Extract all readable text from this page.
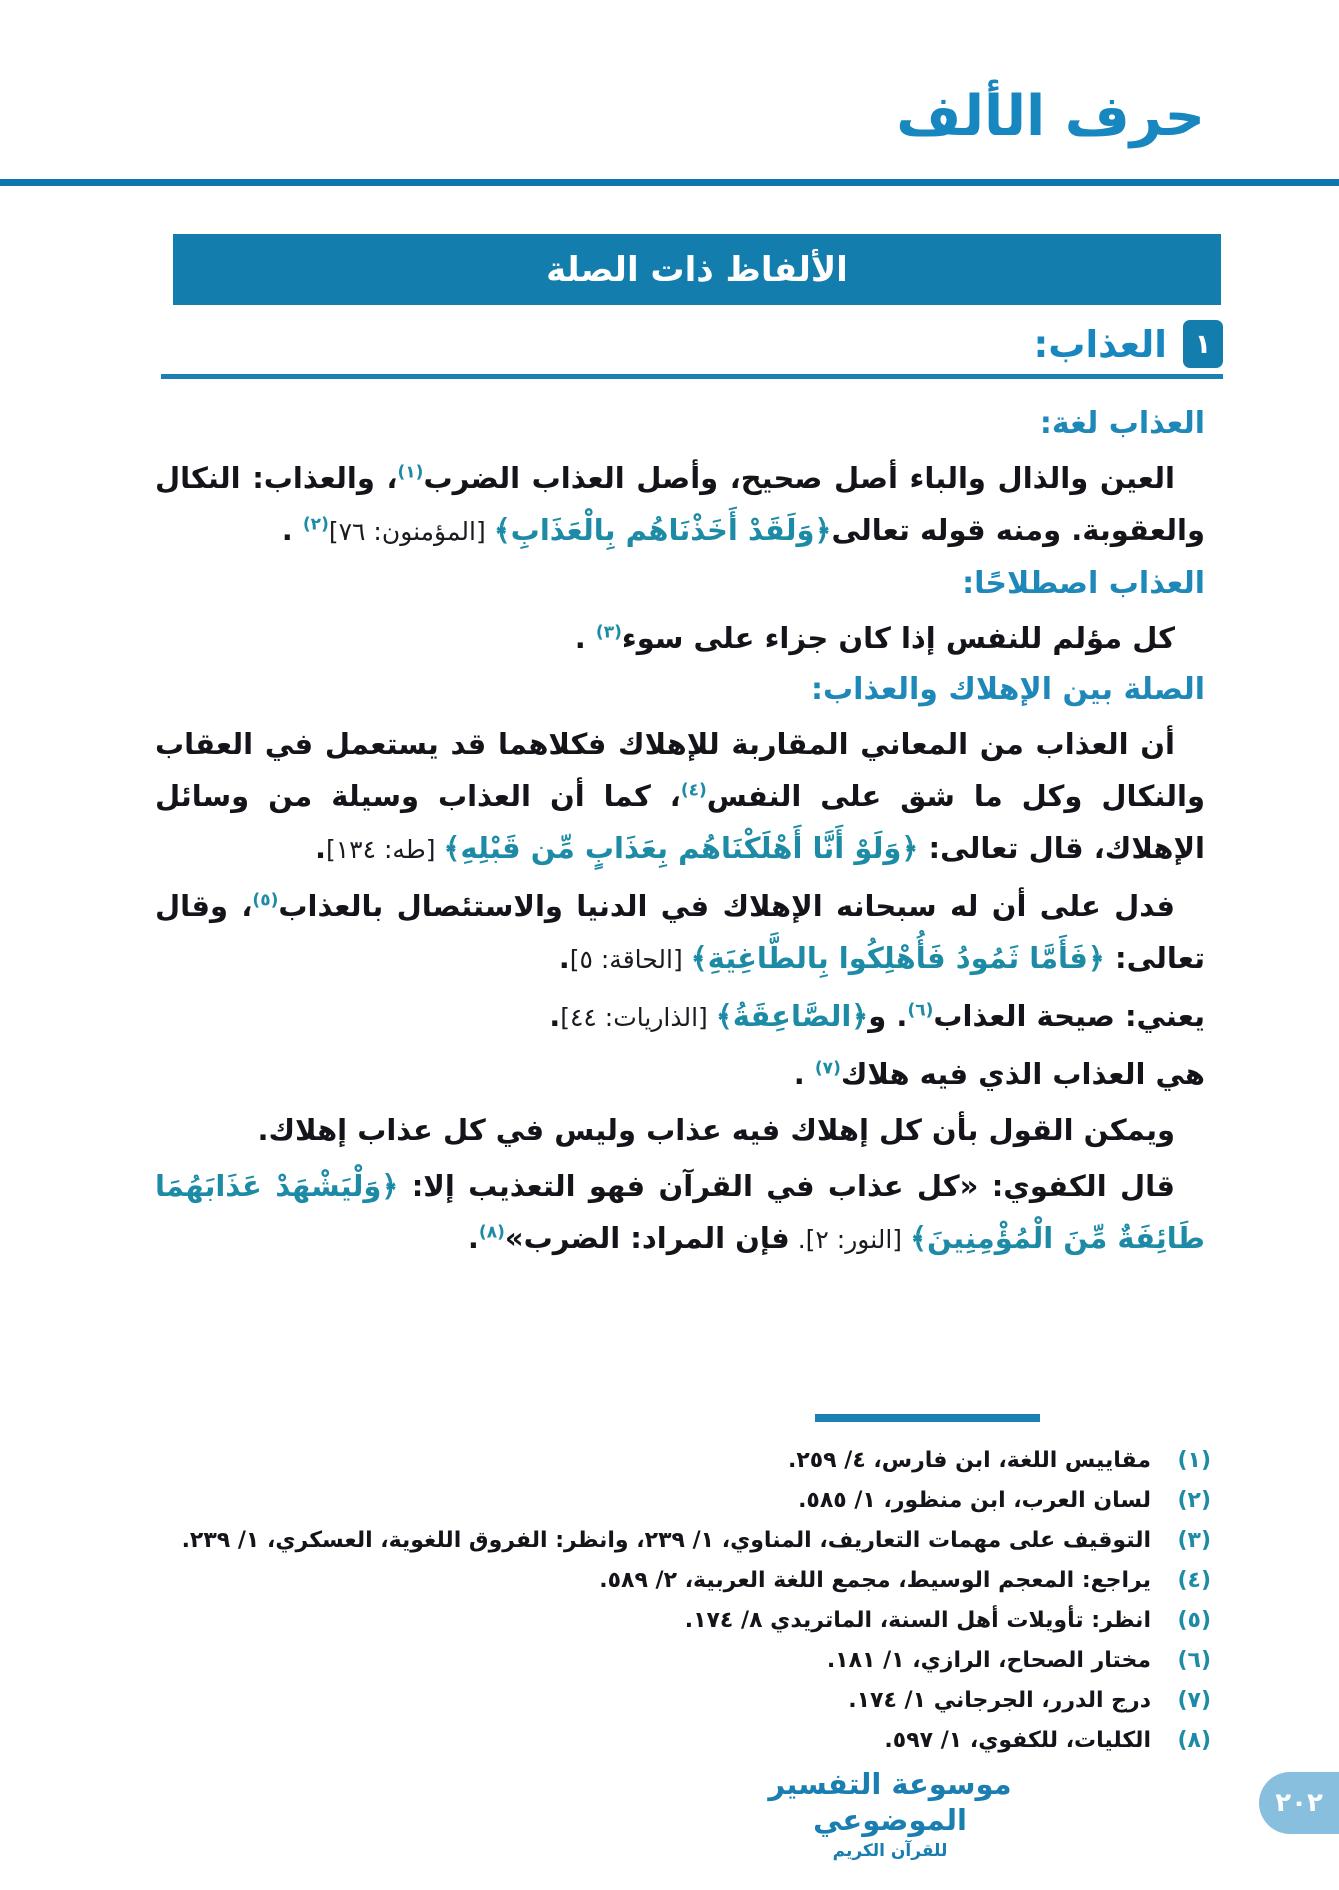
حرف الألف
الألفاظ ذات الصلة
١
العذاب:
العذاب لغة:

العين والذال والباء أصل صحيح، وأصل العذاب الضرب$^{(١)}$، والعذاب: النكال والعقوبة. ومنه قوله تعالى﴿وَلَقَدْ أَخَذْنَاهُم بِالْعَذَابِ﴾ [المؤمنون: ٧٦]$^{(٢)}$ .

العذاب اصطلاحًا:

كل مؤلم للنفس إذا كان جزاء على سوء$^{(٣)}$ .

الصلة بين الإهلاك والعذاب:

أن العذاب من المعاني المقاربة للإهلاك فكلاهما قد يستعمل في العقاب والنكال وكل ما شق على النفس$^{(٤)}$، كما أن العذاب وسيلة من وسائل الإهلاك، قال تعالى: ﴿وَلَوْ أَنَّا أَهْلَكْنَاهُم بِعَذَابٍ مِّن قَبْلِهِ﴾ [طه: ١٣٤].

فدل على أن له سبحانه الإهلاك في الدنيا والاستئصال بالعذاب$^{(٥)}$، وقال تعالى: ﴿فَأَمَّا ثَمُودُ فَأُهْلِكُوا بِالطَّاغِيَةِ﴾ [الحاقة: ٥].

يعني: صيحة العذاب$^{(٦)}$. و﴿الصَّاعِقَةُ﴾ [الذاريات: ٤٤].

هي العذاب الذي فيه هلاك$^{(٧)}$ .

ويمكن القول بأن كل إهلاك فيه عذاب وليس في كل عذاب إهلاك.

قال الكفوي: «كل عذاب في القرآن فهو التعذيب إلا: ﴿وَلْيَشْهَدْ عَذَابَهُمَا طَائِفَةٌ مِّنَ الْمُؤْمِنِينَ﴾ [النور: ٢]. فإن المراد: الضرب»$^{(٨)}$.

(١)
مقاييس اللغة، ابن فارس، ٤/ ٢٥٩.
(٢)
لسان العرب، ابن منظور، ١/ ٥٨٥.
(٣)
التوقيف على مهمات التعاريف، المناوي، ١/ ٢٣٩، وانظر: الفروق اللغوية، العسكري، ١/ ٢٣٩.
(٤)
يراجع: المعجم الوسيط، مجمع اللغة العربية، ٢/ ٥٨٩.
(٥)
انظر: تأويلات أهل السنة، الماتريدي ٨/ ١٧٤.
(٦)
مختار الصحاح، الرازي، ١/ ١٨١.
(٧)
درج الدرر، الجرجاني ١/ ١٧٤.
(٨)
الكليات، للكفوي، ١/ ٥٩٧.
موسوعة التفسير الموضوعي
للقرآن الكريم
٢٠٢
